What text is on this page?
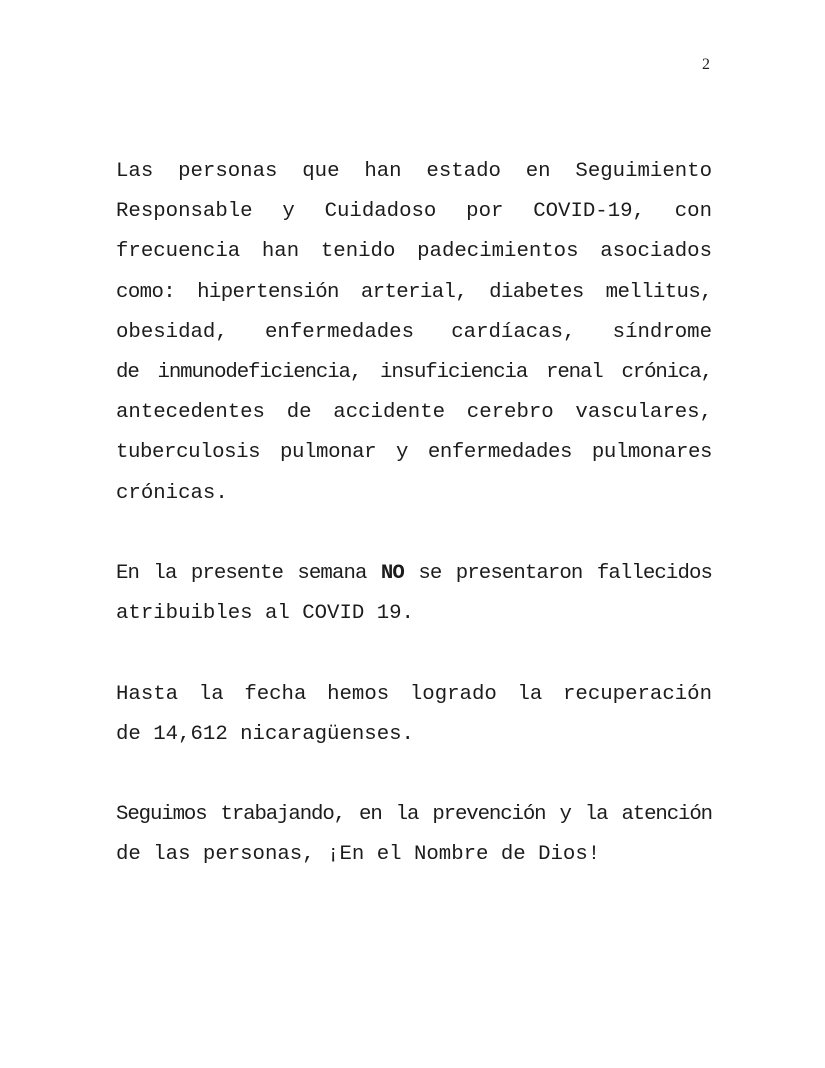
2
Las personas que han estado en Seguimiento
Responsable y Cuidadoso por COVID-19, con
frecuencia han tenido padecimientos asociados
como: hipertensión arterial, diabetes mellitus,
obesidad, enfermedades cardíacas, síndrome
de inmunodeficiencia, insuficiencia renal crónica,
antecedentes de accidente cerebro vasculares,
tuberculosis pulmonar y enfermedades pulmonares
crónicas.
En la presente semana NO se presentaron fallecidos
atribuibles al COVID 19.
Hasta la fecha hemos logrado la recuperación
de 14,612 nicaragüenses.
Seguimos trabajando, en la prevención y la atención
de las personas, ¡En el Nombre de Dios!
